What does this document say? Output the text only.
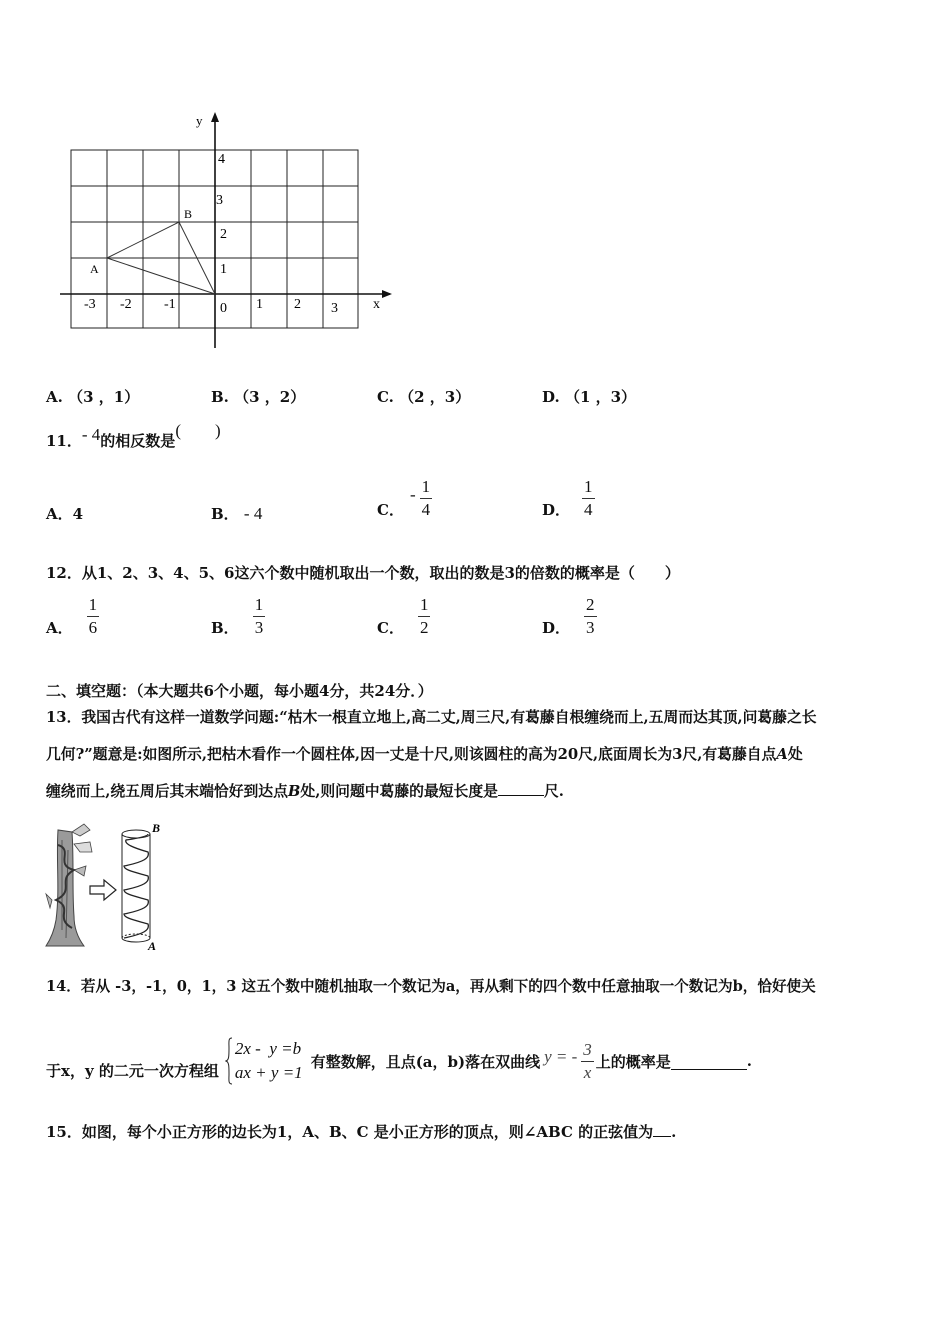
y
x
-3 -2 -1	0 1 2 3
1
2
3
4
A
B
A. （3 ，1）	B. （3 ，2）	C. （2 ，3）	D. （1 ，3）
11．- 4的相反数是(　　)
A．4	B． - 4	C．
- $\frac{1}{4}$	D． $\frac{1}{4}$
12．从1、2、3、4、5、6这六个数中随机取出一个数，取出的数是3的倍数的概率是（　　）
A． $\frac{1}{6}$	B． $\frac{1}{3}$	C． $\frac{1}{2}$	D． $\frac{2}{3}$
二、填空题：（本大题共6个小题，每小题4分，共24分．）
13．我国古代有这样一道数学问题:“枯木一根直立地上,高二丈,周三尺,有葛藤自根缠绕而上,五周而达其顶,问葛藤之长
几何?”题意是:如图所示,把枯木看作一个圆柱体,因一丈是十尺,则该圆柱的高为20尺,底面周长为3尺,有葛藤自点A处
缠绕而上,绕五周后其末端恰好到达点B处,则问题中葛藤的最短长度是	尺.
B
A
14．若从 -3，-1，0，1，3 这五个数中随机抽取一个数记为a，再从剩下的四个数中任意抽取一个数记为b，恰好使关
于x，y 的二元一次方程组
2x -  y =b
ax + y =1
有整数解，且点(a，b)落在双曲线 y = - $\frac{3}{x}$ 上的概率是	.
15．如图，每个小正方形的边长为1，A、B、C 是小正方形的顶点，则∠ABC 的正弦值为 .
